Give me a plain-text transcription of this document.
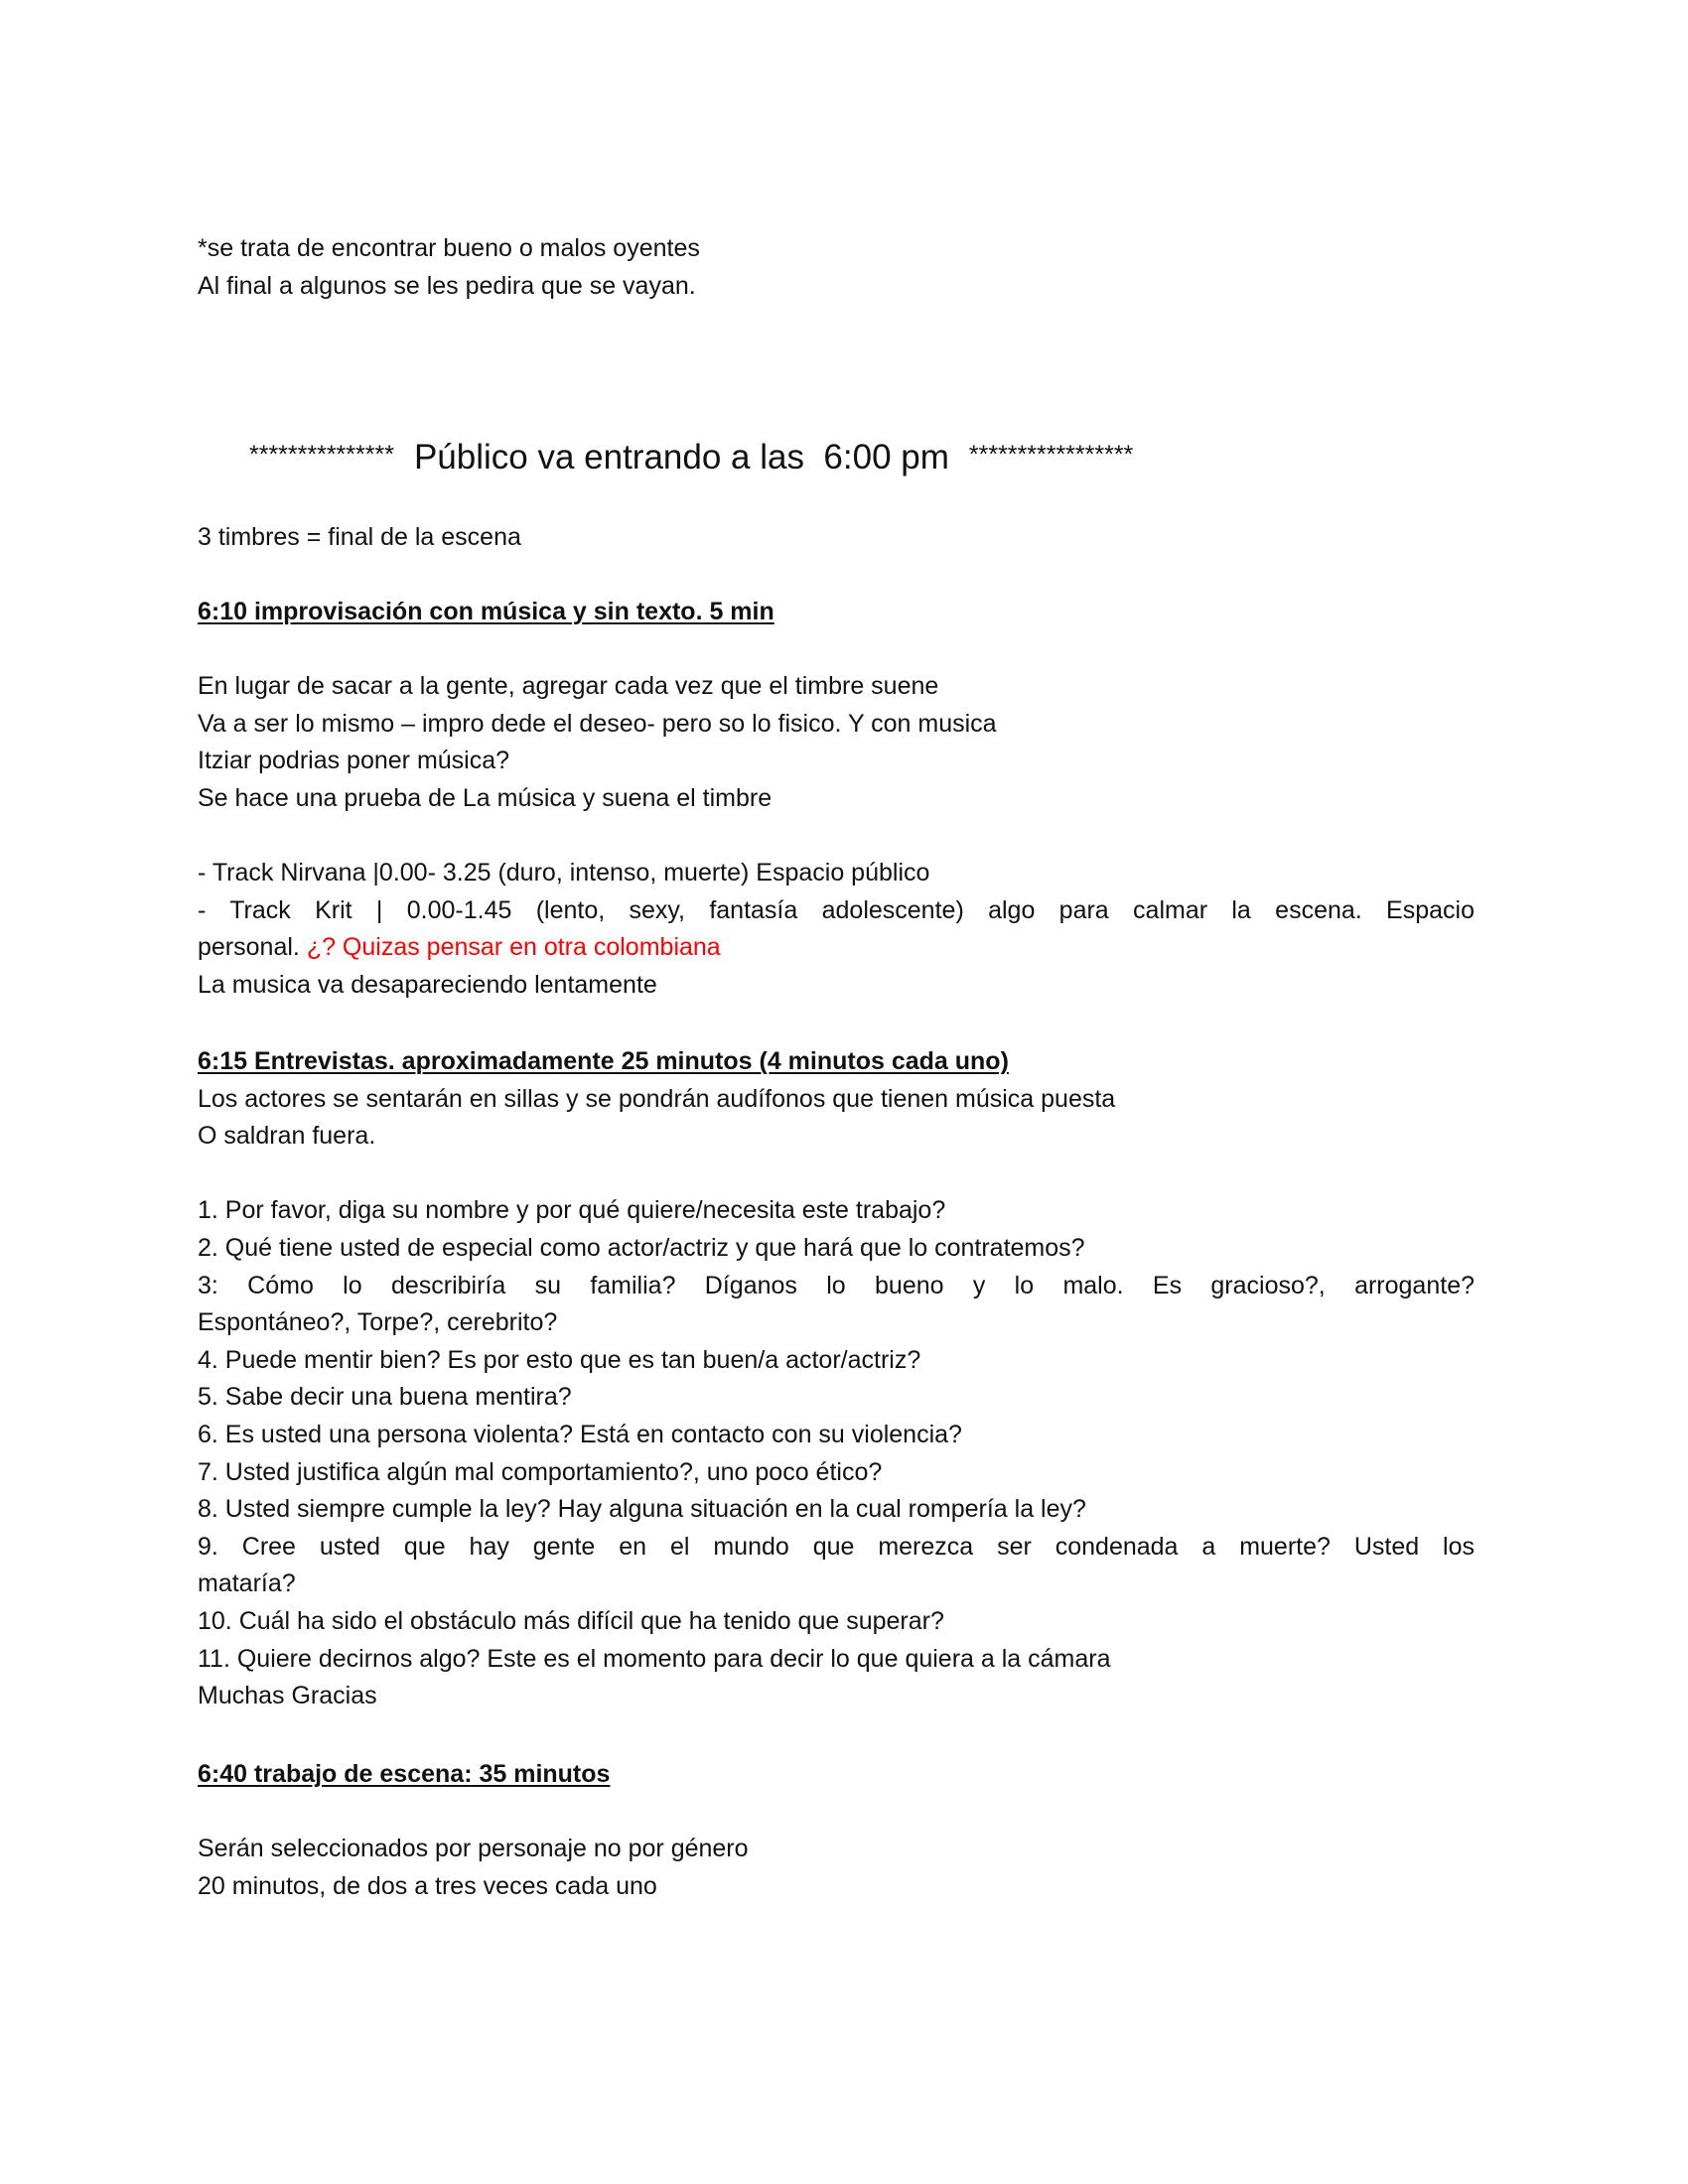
*se trata de encontrar bueno o malos oyentes
Al final a algunos se les pedira que se vayan.
*************** Público va entrando a las  6:00 pm *****************
3 timbres = final de la escena
6:10 improvisación con música y sin texto. 5 min
En lugar de sacar a la gente, agregar cada vez que el timbre suene
Va a ser lo mismo – impro dede el deseo- pero so lo fisico. Y con musica
Itziar podrias poner música?
Se hace una prueba de La música y suena el timbre
- Track Nirvana |0.00- 3.25 (duro, intenso, muerte) Espacio público
- Track Krit | 0.00-1.45 (lento, sexy, fantasía adolescente) algo para calmar la escena. Espacio
personal. ¿? Quizas pensar en otra colombiana
La musica va desapareciendo lentamente
6:15 Entrevistas. aproximadamente 25 minutos (4 minutos cada uno)
Los actores se sentarán en sillas y se pondrán audífonos que tienen música puesta
O saldran fuera.
1. Por favor, diga su nombre y por qué quiere/necesita este trabajo?
2. Qué tiene usted de especial como actor/actriz y que hará que lo contratemos?
3: Cómo lo describiría su familia? Díganos lo bueno y lo malo. Es gracioso?, arrogante?
Espontáneo?, Torpe?, cerebrito?
4. Puede mentir bien? Es por esto que es tan buen/a actor/actriz?
5. Sabe decir una buena mentira?
6. Es usted una persona violenta? Está en contacto con su violencia?
7. Usted justifica algún mal comportamiento?, uno poco ético?
8. Usted siempre cumple la ley? Hay alguna situación en la cual rompería la ley?
9. Cree usted que hay gente en el mundo que merezca ser condenada a muerte? Usted los
mataría?
10. Cuál ha sido el obstáculo más difícil que ha tenido que superar?
11. Quiere decirnos algo? Este es el momento para decir lo que quiera a la cámara
Muchas Gracias
6:40 trabajo de escena: 35 minutos
Serán seleccionados por personaje no por género
20 minutos, de dos a tres veces cada uno
